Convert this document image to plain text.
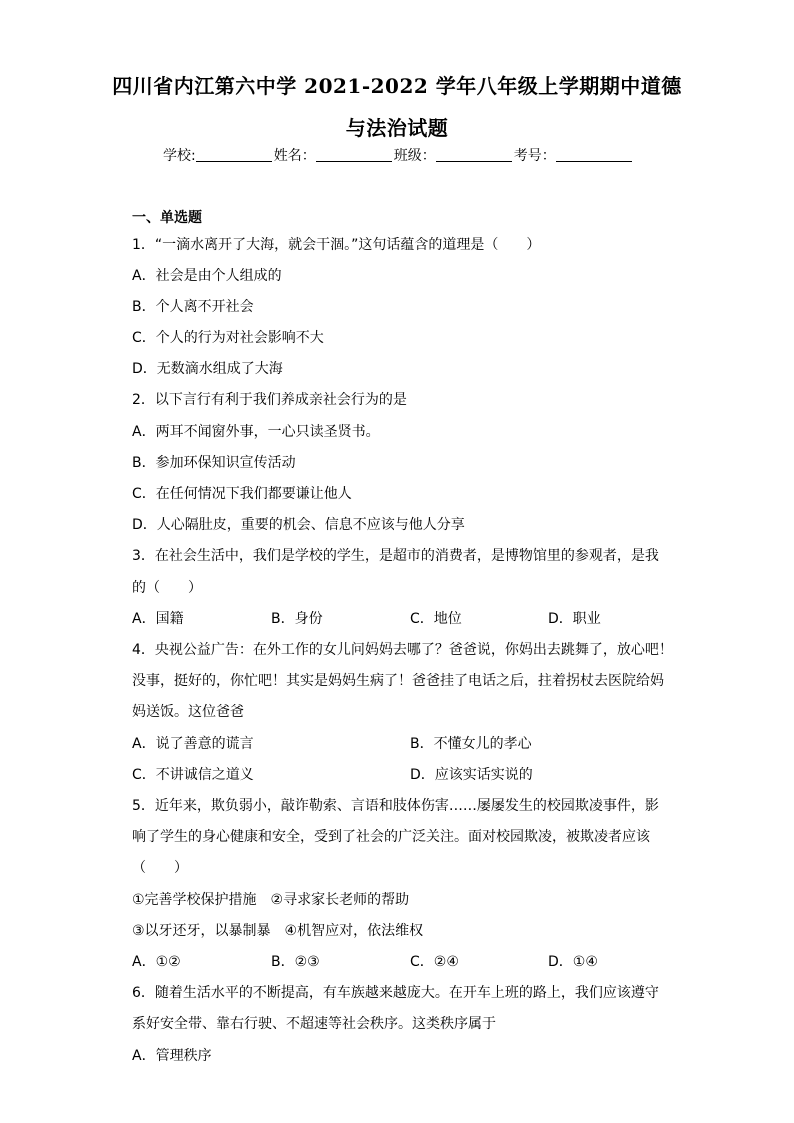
四川省内江第六中学 2021-2022 学年八年级上学期期中道德
与法治试题
学校:	姓名：	班级：	考号：
一、单选题
1．“一滴水离开了大海，就会干涸。”这句话蕴含的道理是（　　）
A．社会是由个人组成的
B．个人离不开社会
C．个人的行为对社会影响不大
D．无数滴水组成了大海
2．以下言行有利于我们养成亲社会行为的是
A．两耳不闻窗外事，一心只读圣贤书。
B．参加环保知识宣传活动
C．在任何情况下我们都要谦让他人
D．人心隔肚皮，重要的机会、信息不应该与他人分享
3．在社会生活中，我们是学校的学生，是超市的消费者，是博物馆里的参观者，是我
的（　　）
A．国籍	B．身份	C．地位	D．职业
4．央视公益广告：在外工作的女儿问妈妈去哪了？爸爸说，你妈出去跳舞了，放心吧！
没事，挺好的，你忙吧！其实是妈妈生病了！爸爸挂了电话之后，拄着拐杖去医院给妈
妈送饭。这位爸爸
A．说了善意的谎言	B．不懂女儿的孝心
C．不讲诚信之道义	D．应该实话实说的
5．近年来，欺负弱小，敲诈勒索、言语和肢体伤害……屡屡发生的校园欺凌事件，影
响了学生的身心健康和安全，受到了社会的广泛关注。面对校园欺凌，被欺凌者应该
（　　）
①完善学校保护措施　②寻求家长老师的帮助
③以牙还牙，以暴制暴　④机智应对，依法维权
A．①②	B．②③	C．②④	D．①④
6．随着生活水平的不断提高，有车族越来越庞大。在开车上班的路上，我们应该遵守
系好安全带、靠右行驶、不超速等社会秩序。这类秩序属于
A．管理秩序
